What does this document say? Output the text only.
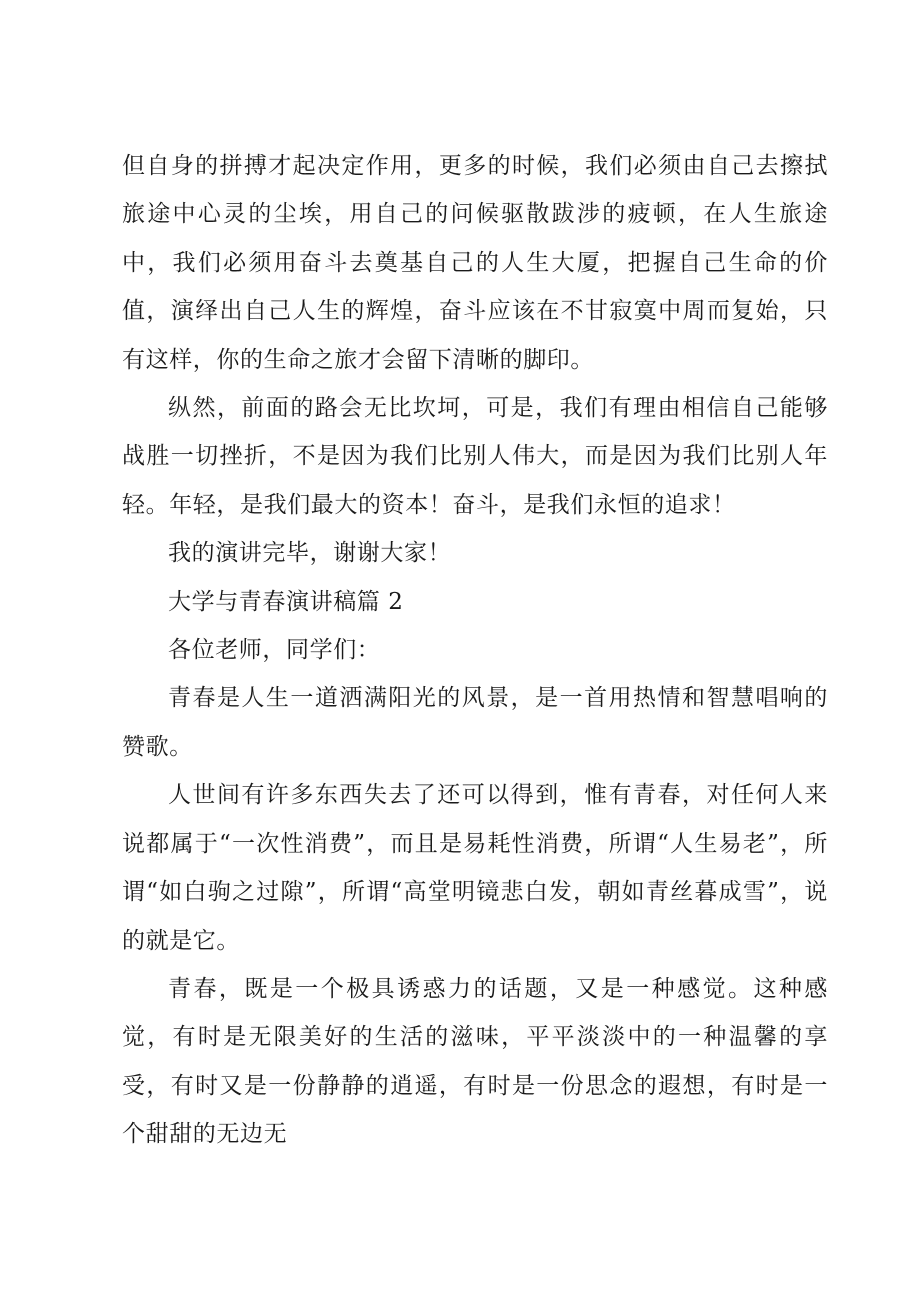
但自身的拼搏才起决定作用，更多的时候，我们必须由自己去擦拭旅途中心灵的尘埃，用自己的问候驱散跋涉的疲顿，在人生旅途中，我们必须用奋斗去奠基自己的人生大厦，把握自己生命的价值，演绎出自己人生的辉煌，奋斗应该在不甘寂寞中周而复始，只有这样，你的生命之旅才会留下清晰的脚印。

纵然，前面的路会无比坎坷，可是，我们有理由相信自己能够战胜一切挫折，不是因为我们比别人伟大，而是因为我们比别人年轻。年轻，是我们最大的资本！奋斗，是我们永恒的追求！

我的演讲完毕，谢谢大家！

大学与青春演讲稿篇 2

各位老师，同学们：

青春是人生一道洒满阳光的风景，是一首用热情和智慧唱响的赞歌。

人世间有许多东西失去了还可以得到，惟有青春，对任何人来说都属于“一次性消费”，而且是易耗性消费，所谓“人生易老”，所谓“如白驹之过隙”，所谓“高堂明镜悲白发，朝如青丝暮成雪”，说的就是它。

青春，既是一个极具诱惑力的话题，又是一种感觉。这种感觉，有时是无限美好的生活的滋味，平平淡淡中的一种温馨的享受，有时又是一份静静的逍遥，有时是一份思念的遐想，有时是一个甜甜的无边无
